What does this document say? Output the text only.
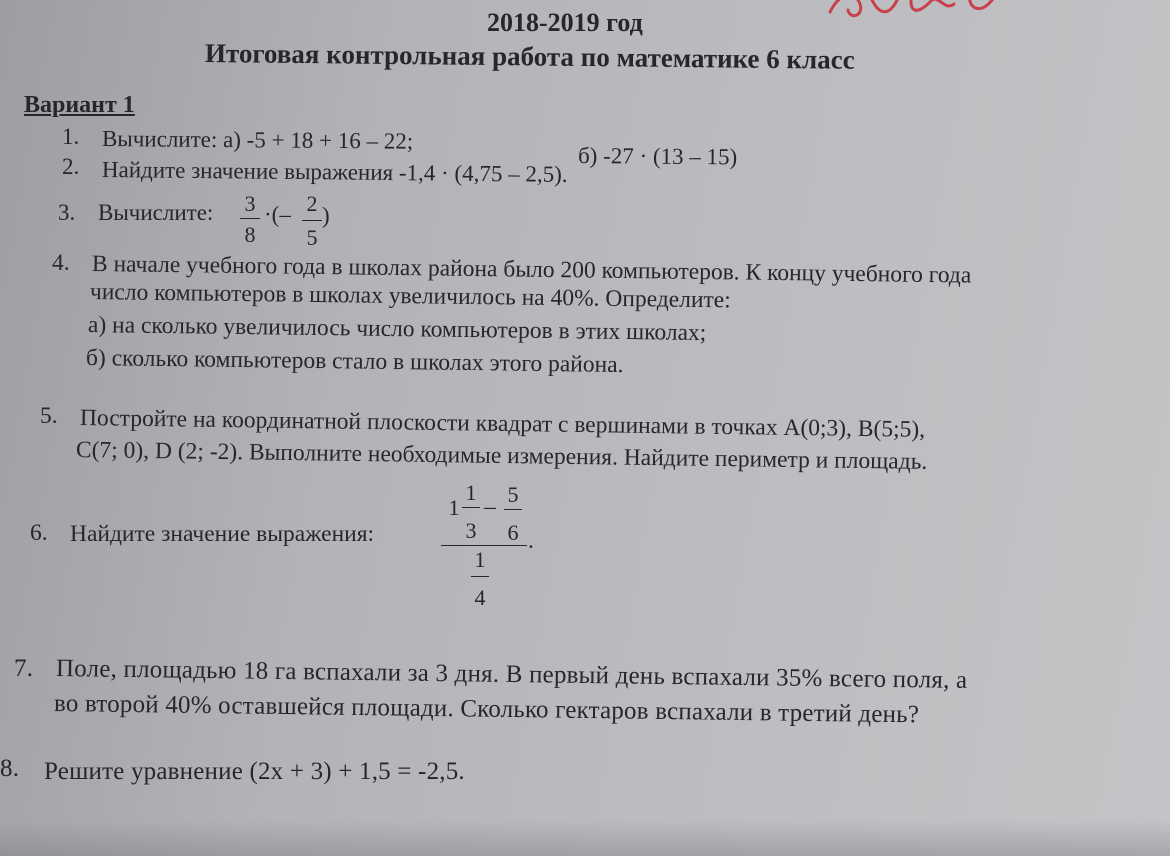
2018-2019 год
Итоговая контрольная работа по математике 6 класс
Вариант 1
1. Вычислите: а) -5 + 18 + 16 – 22;
б) -27 · (13 – 15)
2. Найдите значение выражения -1,4 · (4,75 – 2,5).
3. Вычислите: 3
8
·(– 2
5
)
4. В начале учебного года в школах района было 200 компьютеров. К концу учебного года
число компьютеров в школах увеличилось на 40%. Определите:
а) на сколько увеличилось число компьютеров в этих школах;
б) сколько компьютеров стало в школах этого района.
5. Постройте на координатной плоскости квадрат с вершинами в точках А(0;3), В(5;5),
С(7; 0), D (2; -2). Выполните необходимые измерения. Найдите периметр и площадь.
6. Найдите значение выражения:
1
1
3
– 5
6 .
1
4
7. Поле, площадью 18 га вспахали за 3 дня. В первый день вспахали 35% всего поля, а
во второй 40% оставшейся площади. Сколько гектаров вспахали в третий день?
8. Решите уравнение (2х + 3) + 1,5 = -2,5.
